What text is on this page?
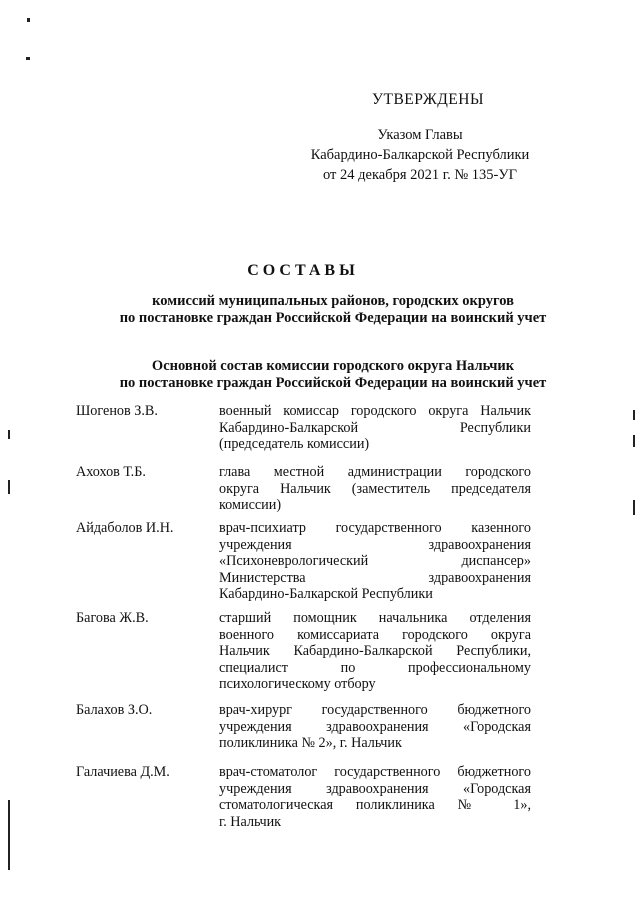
УТВЕРЖДЕНЫ
Указом Главы
Кабардино-Балкарской Республики
от 24 декабря 2021 г. № 135-УГ
СОСТАВЫ
комиссий муниципальных районов, городских округов
по постановке граждан Российской Федерации на воинский учет
Основной состав комиссии городского округа Нальчик
по постановке граждан Российской Федерации на воинский учет
Шогенов З.В.	военный комиссар городского округа Нальчик
Кабардино-Балкарской Республики
(председатель комиссии)
Ахохов Т.Б.	глава местной администрации городского
округа Нальчик (заместитель председателя
комиссии)
Айдаболов И.Н.	врач-психиатр государственного казенного
учреждения здравоохранения
«Психоневрологический диспансер»
Министерства здравоохранения
Кабардино-Балкарской Республики
Багова Ж.В.	старший помощник начальника отделения
военного комиссариата городского округа
Нальчик Кабардино-Балкарской Республики,
специалист по профессиональному
психологическому отбору
Балахов З.О.	врач-хирург государственного бюджетного
учреждения здравоохранения «Городская
поликлиника № 2», г. Нальчик
Галачиева Д.М.	врач-стоматолог государственного бюджетного
учреждения здравоохранения «Городская
стоматологическая поликлиника № 1»,
г. Нальчик
